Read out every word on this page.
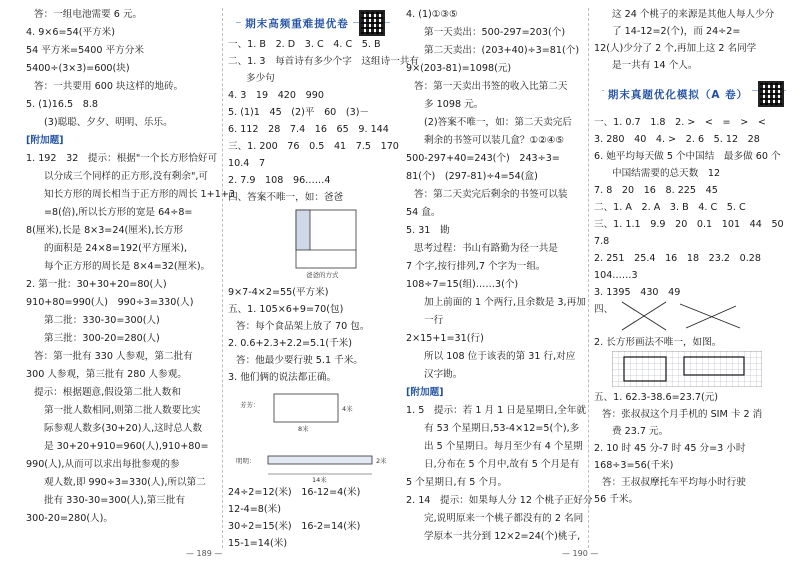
答：一组电池需要 6 元。
4. 9×6=54(平方米)
54 平方米=5400 平方分米
5400÷(3×3)=600(块)
答：一共要用 600 块这样的地砖。
5. (1)16.5　8.8
(3)聪聪、夕夕、明明、乐乐。
[附加题]
1. 192　32　提示：根据"一个长方形恰好可
以分成三个同样的正方形,没有剩余",可
知长方形的周长相当于正方形的周长 1+1+3
=8(倍),所以长方形的宽是 64÷8=
8(厘米),长是 8×3=24(厘米),长方形
的面积是 24×8=192(平方厘米),
每个正方形的周长是 8×4=32(厘米)。
2. 第一批：30+30+20=80(人)
910+80=990(人)　990÷3=330(人)
第二批：330-30=300(人)
第三批：300-20=280(人)
答：第一批有 330 人参观，第二批有
300 人参观，第三批有 280 人参观。
提示：根据题意,假设第二批人数和
第一批人数相同,则第二批人数要比实
际参观人数多(30+20)人,这时总人数
是 30+20+910=960(人),910+80=
990(人),从而可以求出每批参观的参
观人数,即 990÷3=330(人),所以第二
批有 330-30=300(人),第三批有
300-20=280(人)。
期末高频重难提优卷
一、1. B　2. D　3. C　4. C　5. B
二、1. 3　每首诗有多少个字　这组诗一共有
多少句
4. 3　19　420　990
5. (1)1　45　(2)平　60　(3)－
6. 112　28　7.4　16　65　9. 144
三、1. 200　76　0.5　41　7.5　170
10.4　7
2. 7.9　108　96……4
四、答案不唯一，如：爸爸
爸爸的方式
9×7-4×2=55(平方米)
五、1. 105×6+9=70(包)
答：每个食品架上放了 70 包。
2. 0.6+2.3+2.2=5.1(千米)
答：他最少要行驶 5.1 千米。
3. 他们俩的说法都正确。
芳芳：	4米
8米
明明：	2米
14米
24÷2=12(米)　16-12=4(米)
12-4=8(米)
30÷2=15(米)　16-2=14(米)
15-1=14(米)
— 189 —
4. (1)①③⑤
第一天卖出：500-297=203(个)
第二天卖出：(203+40)÷3=81(个)
9×(203-81)=1098(元)
答：第一天卖出书签的收入比第二天
多 1098 元。
(2)答案不唯一，如：第二天卖完后
剩余的书签可以装几盒？①②④⑤
500-297+40=243(个)　243÷3=
81(个)　(297-81)÷4=54(盒)
答：第二天卖完后剩余的书签可以装
54 盒。
5. 31　勘
思考过程：书山有路勤为径一共是
7 个字,按行排列,7 个字为一组。
108÷7=15(组)……3(个)
加上前面的 1 个两行,且余数是 3,再加
一行
2×15+1=31(行)
所以 108 位于该表的第 31 行,对应
汉字勘。
[附加题]
1. 5　提示：若 1 月 1 日是星期日,全年就
有 53 个星期日,53-4×12=5(个),多
出 5 个星期日。每月至少有 4 个星期
日,分布在 5 个月中,故有 5 个月是有
5 个星期日,有 5 个月。
2. 14　提示：如果每人分 12 个桃子正好分
完,说明原来一个桃子都没有的 2 名同
学原本一共分到 12×2=24(个)桃子,
这 24 个桃子的来源是其他人每人少分
了 14-12=2(个)，而 24÷2=
12(人)少分了 2 个,再加上这 2 名同学
是一共有 14 个人。
期末真题优化模拟（A 卷）
一、1. 0.7　1.8　2. >　<　=　>　<
3. 280　40　4. >　2. 6　5. 12　28
6. 她平均每天做 5 个中国结　最多做 60 个
中国结需要的总天数　12
7. 8　20　16　8. 225　45
二、1. A　2. A　3. B　4. C　5. C
三、1. 1.1　9.9　20　0.1　101　44　50
7.8
2. 251　25.4　16　18　23.2　0.28
104……3
3. 1395　430　49
四、
2. 长方形画法不唯一，如图。
五、1. 62.3-38.6=23.7(元)
答：张叔叔这个月手机的 SIM 卡 2 消
费 23.7 元。
2. 10 时 45 分-7 时 45 分=3 小时
168÷3=56(千米)
答：王叔叔摩托车平均每小时行驶
56 千米。
— 190 —
